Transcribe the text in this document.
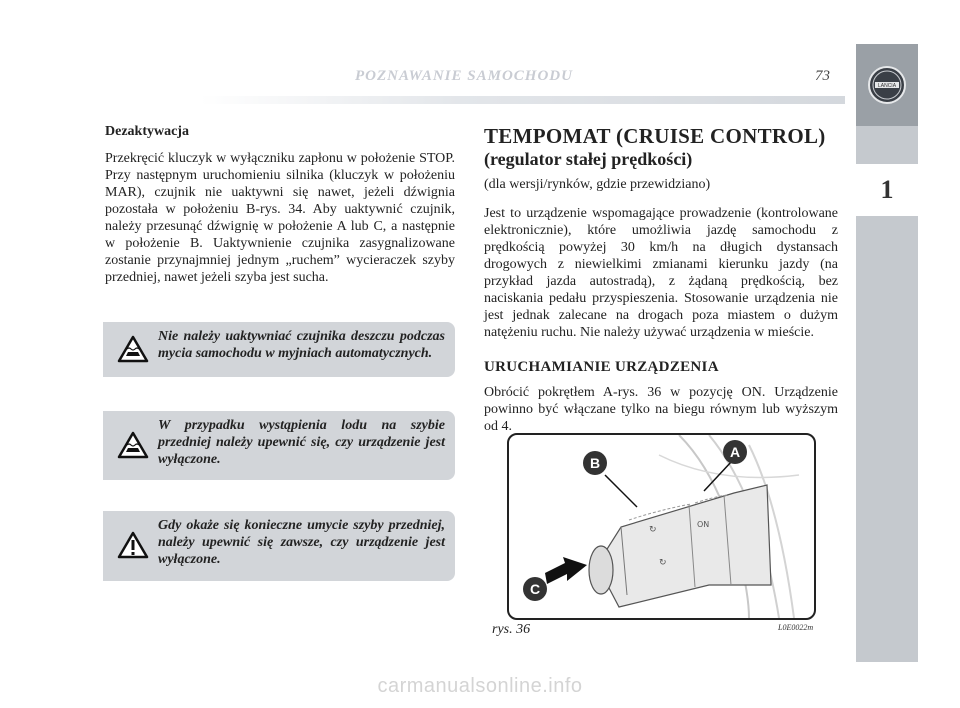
POZNAWANIE SAMOCHODU	73
LANCIA
1
Dezaktywacja

Przekręcić kluczyk w wyłączniku zapłonu w położenie STOP. Przy następnym uruchomieniu silnika (kluczyk w położeniu MAR), czujnik nie uaktywni się nawet, jeżeli dźwignia pozostała w położeniu B-rys. 34. Aby uaktywnić czujnik, należy przesunąć dźwignię w położenie A lub C, a następnie w położenie B. Uaktywnienie czujnika zasygnalizowane zostanie przynajmniej jednym „ruchem” wycieraczek szyby przedniej, nawet jeżeli szyba jest sucha.

Nie należy uaktywniać czujnika deszczu podczas mycia samochodu w myjniach automatycznych.
W przypadku wystąpienia lodu na szybie przedniej należy upewnić się, czy urządzenie jest wyłączone.
Gdy okaże się konieczne umycie szyby przedniej, należy upewnić się zawsze, czy urządzenie jest wyłączone.
TEMPOMAT (CRUISE CONTROL)
(regulator stałej prędkości)

(dla wersji/rynków, gdzie przewidziano)

Jest to urządzenie wspomagające prowadzenie (kontrolowane elektronicznie), które umożliwia jazdę samochodu z prędkością powyżej 30 km/h na długich dystansach drogowych z niewielkimi zmianami kierunku jazdy (na przykład jazda autostradą), z żądaną prędkością, bez naciskania pedału przyspieszenia. Stosowanie urządzenia nie jest jednak zalecane na drogach poza miastem o dużym natężeniu ruchu. Nie należy używać urządzenia w mieście.

URUCHAMIANIE URZĄDZENIA

Obrócić pokrętłem A-rys. 36 w pozycję ON. Urządzenie powinno być włączane tylko na biegu równym lub wyższym od 4.

↻
ON
↻
B
A
C
rys. 36	L0E0022m
carmanualsonline.info
